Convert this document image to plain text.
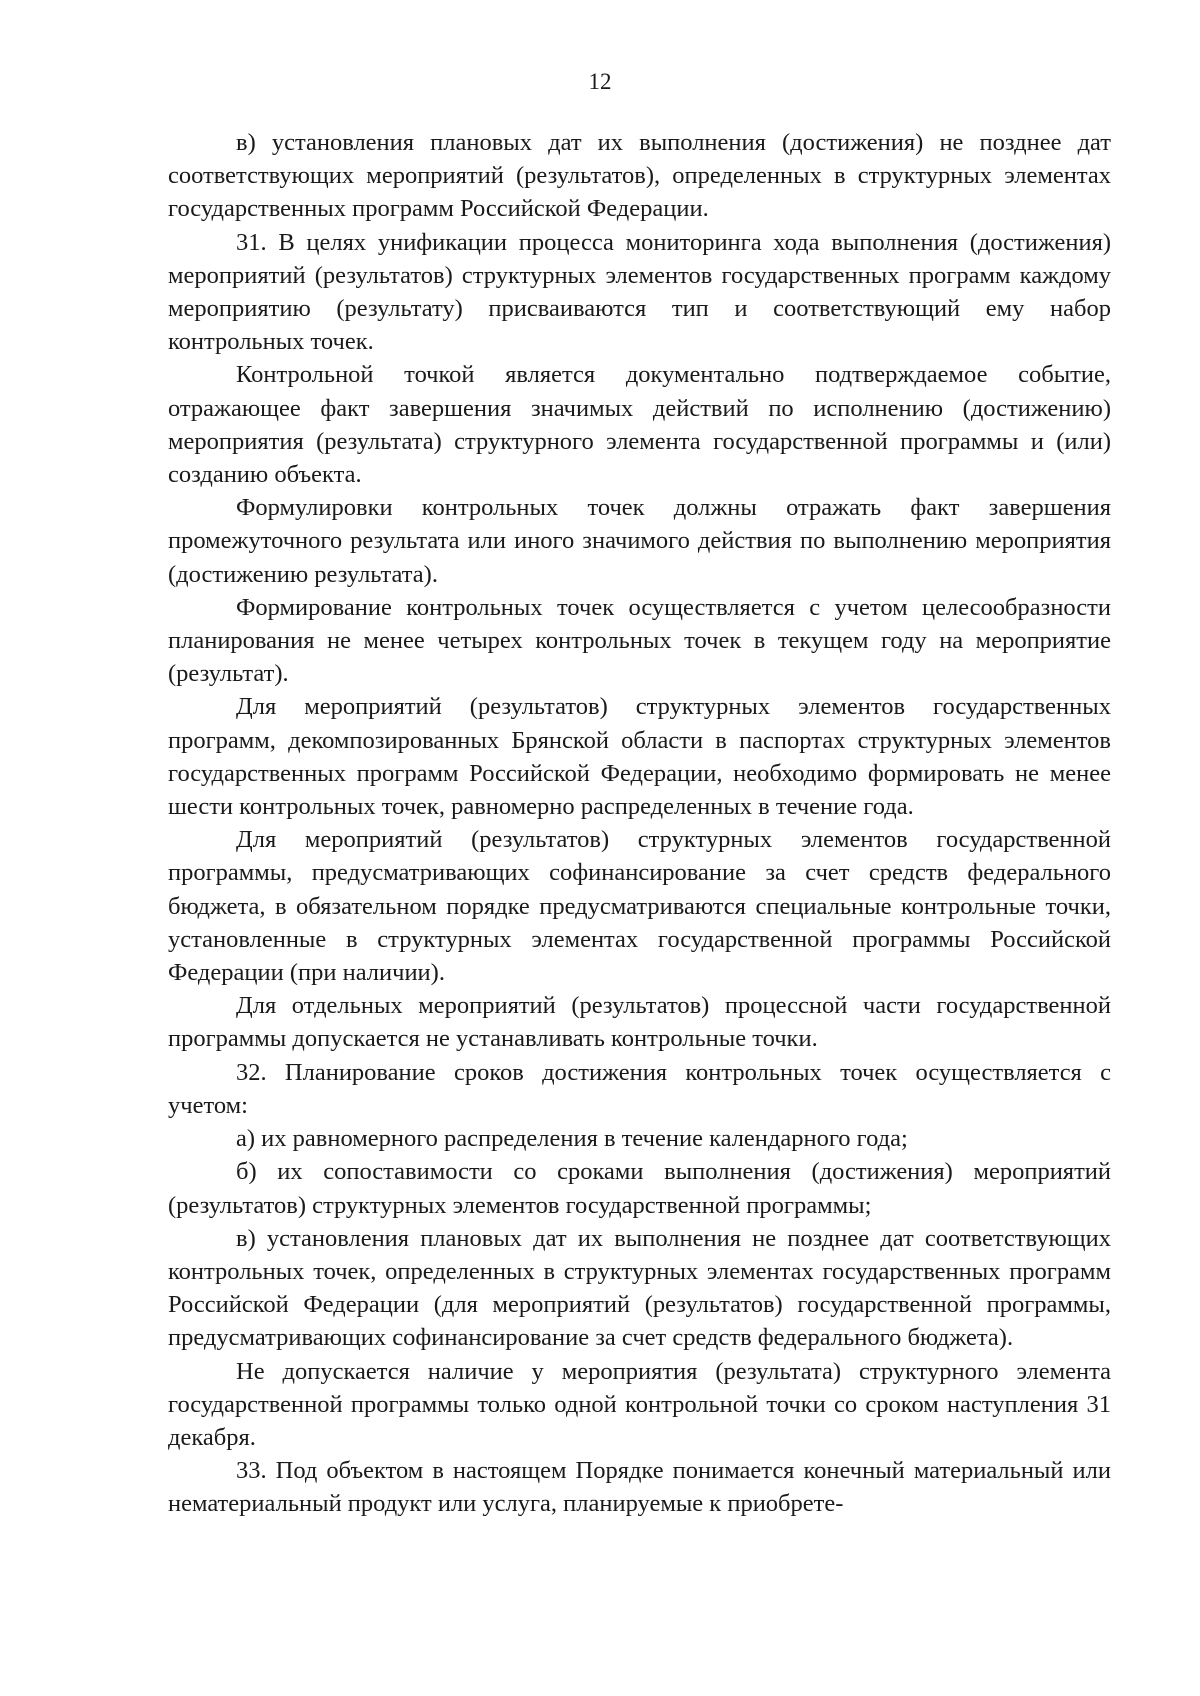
12

в) установления плановых дат их выполнения (достижения) не позднее дат соответствующих мероприятий (результатов), определенных в структурных элементах государственных программ Российской Федерации.

31. В целях унификации процесса мониторинга хода выполнения (достижения) мероприятий (результатов) структурных элементов государственных программ каждому мероприятию (результату) присваиваются тип и соответствующий ему набор контрольных точек.

Контрольной точкой является документально подтверждаемое событие, отражающее факт завершения значимых действий по исполнению (достижению) мероприятия (результата) структурного элемента государственной программы и (или) созданию объекта.

Формулировки контрольных точек должны отражать факт завершения промежуточного результата или иного значимого действия по выполнению мероприятия (достижению результата).

Формирование контрольных точек осуществляется с учетом целесообразности планирования не менее четырех контрольных точек в текущем году на мероприятие (результат).

Для мероприятий (результатов) структурных элементов государственных программ, декомпозированных Брянской области в паспортах структурных элементов государственных программ Российской Федерации, необходимо формировать не менее шести контрольных точек, равномерно распределенных в течение года.

Для мероприятий (результатов) структурных элементов государственной программы, предусматривающих софинансирование за счет средств федерального бюджета, в обязательном порядке предусматриваются специальные контрольные точки, установленные в структурных элементах государственной программы Российской Федерации (при наличии).

Для отдельных мероприятий (результатов) процессной части государственной программы допускается не устанавливать контрольные точки.

32. Планирование сроков достижения контрольных точек осуществляется с учетом:

а) их равномерного распределения в течение календарного года;

б) их сопоставимости со сроками выполнения (достижения) мероприятий (результатов) структурных элементов государственной программы;

в) установления плановых дат их выполнения не позднее дат соответствующих контрольных точек, определенных в структурных элементах государственных программ Российской Федерации (для мероприятий (результатов) государственной программы, предусматривающих софинансирование за счет средств федерального бюджета).

Не допускается наличие у мероприятия (результата) структурного элемента государственной программы только одной контрольной точки со сроком наступления 31 декабря.

33. Под объектом в настоящем Порядке понимается конечный материальный или нематериальный продукт или услуга, планируемые к приобрете-
